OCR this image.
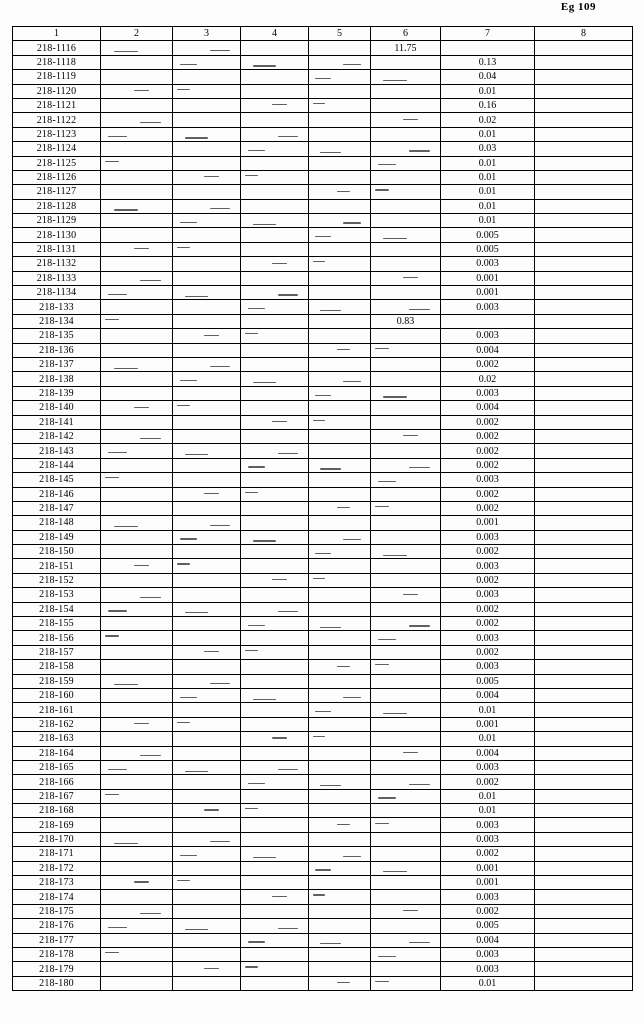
Eg 109
1	2	3	4	5	6	7	8
218-1116					11.75		
218-1118						0.13	
218-1119						0.04	
218-1120						0.01	
218-1121						0.16	
218-1122						0.02	
218-1123						0.01	
218-1124						0.03	
218-1125						0.01	
218-1126						0.01	
218-1127						0.01	
218-1128						0.01	
218-1129						0.01	
218-1130						0.005	
218-1131						0.005	
218-1132						0.003	
218-1133						0.001	
218-1134						0.001	
218-133						0.003	
218-134					0.83		
218-135						0.003	
218-136						0.004	
218-137						0.002	
218-138						0.02	
218-139						0.003	
218-140						0.004	
218-141						0.002	
218-142						0.002	
218-143						0.002	
218-144						0.002	
218-145						0.003	
218-146						0.002	
218-147						0.002	
218-148						0.001	
218-149						0.003	
218-150						0.002	
218-151						0.003	
218-152						0.002	
218-153						0.003	
218-154						0.002	
218-155						0.002	
218-156						0.003	
218-157						0.002	
218-158						0.003	
218-159						0.005	
218-160						0.004	
218-161						0.01	
218-162						0.001	
218-163						0.01	
218-164						0.004	
218-165						0.003	
218-166						0.002	
218-167						0.01	
218-168						0.01	
218-169						0.003	
218-170						0.003	
218-171						0.002	
218-172						0.001	
218-173						0.001	
218-174						0.003	
218-175						0.002	
218-176						0.005	
218-177						0.004	
218-178						0.003	
218-179						0.003	
218-180						0.01	
